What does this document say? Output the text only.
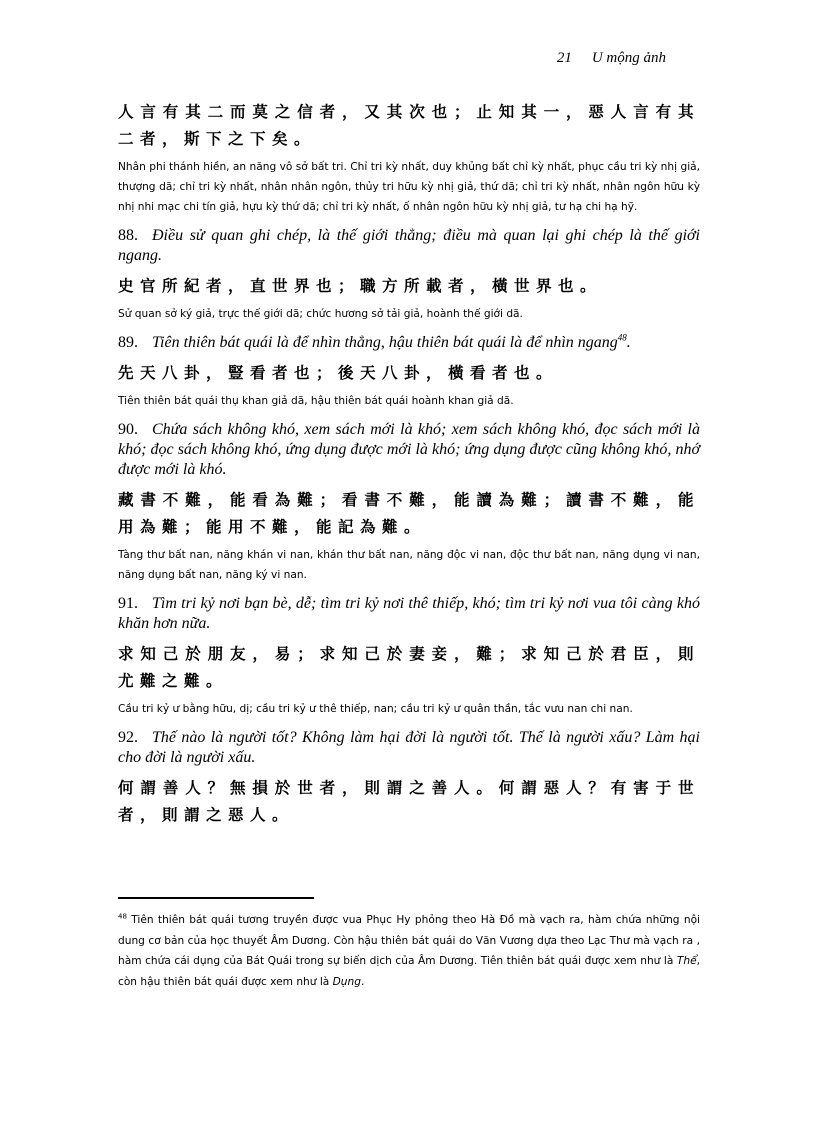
21 U mộng ảnh

人言有其二而莫之信者，又其次也；止知其一，惡人言有其二者，斯下之下矣。

Nhân phi thánh hiền, an năng vô sở bất tri. Chỉ tri kỳ nhất, duy khủng bất chỉ kỳ nhất, phục cầu tri kỳ nhị giả, thượng dã; chỉ tri kỳ nhất, nhân nhân ngôn, thủy tri hữu kỳ nhị giả, thứ dã; chỉ tri kỳ nhất, nhân ngôn hữu kỳ nhị nhi mạc chi tín giả, hựu kỳ thứ dã; chỉ tri kỳ nhất, ố nhân ngôn hữu kỳ nhị giả, tư hạ chi hạ hỹ.

88. Điều sử quan ghi chép, là thế giới thẳng; điều mà quan lại ghi chép là thế giới ngang.

史官所紀者，直世界也；職方所載者，橫世界也。

Sử quan sở ký giả, trực thế giới dã; chức hương sở tải giả, hoành thế giới dã.

89. Tiên thiên bát quái là để nhìn thẳng, hậu thiên bát quái là để nhìn ngang$^{48}$.

先天八卦，豎看者也；後天八卦，橫看者也。

Tiên thiên bát quái thụ khan giả dã, hậu thiên bát quái hoành khan giả dã.

90. Chứa sách không khó, xem sách mới là khó; xem sách không khó, đọc sách mới là khó; đọc sách không khó, ứng dụng được mới là khó; ứng dụng được cũng không khó, nhớ được mới là khó.

藏書不難，能看為難；看書不難，能讀為難；讀書不難，能用為難；能用不難，能記為難。

Tàng thư bất nan, năng khán vi nan, khán thư bất nan, năng độc vi nan, độc thư bất nan, năng dụng vi nan, năng dụng bất nan, năng ký vi nan.

91. Tìm tri kỷ nơi bạn bè, dễ; tìm tri kỷ nơi thê thiếp, khó; tìm tri kỷ nơi vua tôi càng khó khăn hơn nữa.

求知己於朋友，易；求知己於妻妾，難；求知己於君臣，則尤難之難。

Cầu tri kỷ ư bằng hữu, dị; cầu tri kỷ ư thê thiếp, nan; cầu tri kỷ ư quân thần, tắc vưu nan chi nan.

92. Thế nào là người tốt? Không làm hại đời là người tốt. Thế là người xấu? Làm hại cho đời là người xấu.

何謂善人？無損於世者，則謂之善人。何謂惡人？有害于世者，則謂之惡人。

$^{48}$ Tiên thiên bát quái tương truyền được vua Phục Hy phỏng theo Hà Đồ mà vạch ra, hàm chứa những nội dung cơ bản của học thuyết Âm Dương. Còn hậu thiên bát quái do Văn Vương dựa theo Lạc Thư mà vạch ra , hàm chứa cái dụng của Bát Quái trong sự biến dịch của Âm Dương. Tiên thiên bát quái được xem như là Thể, còn hậu thiên bát quái được xem như là Dụng.
